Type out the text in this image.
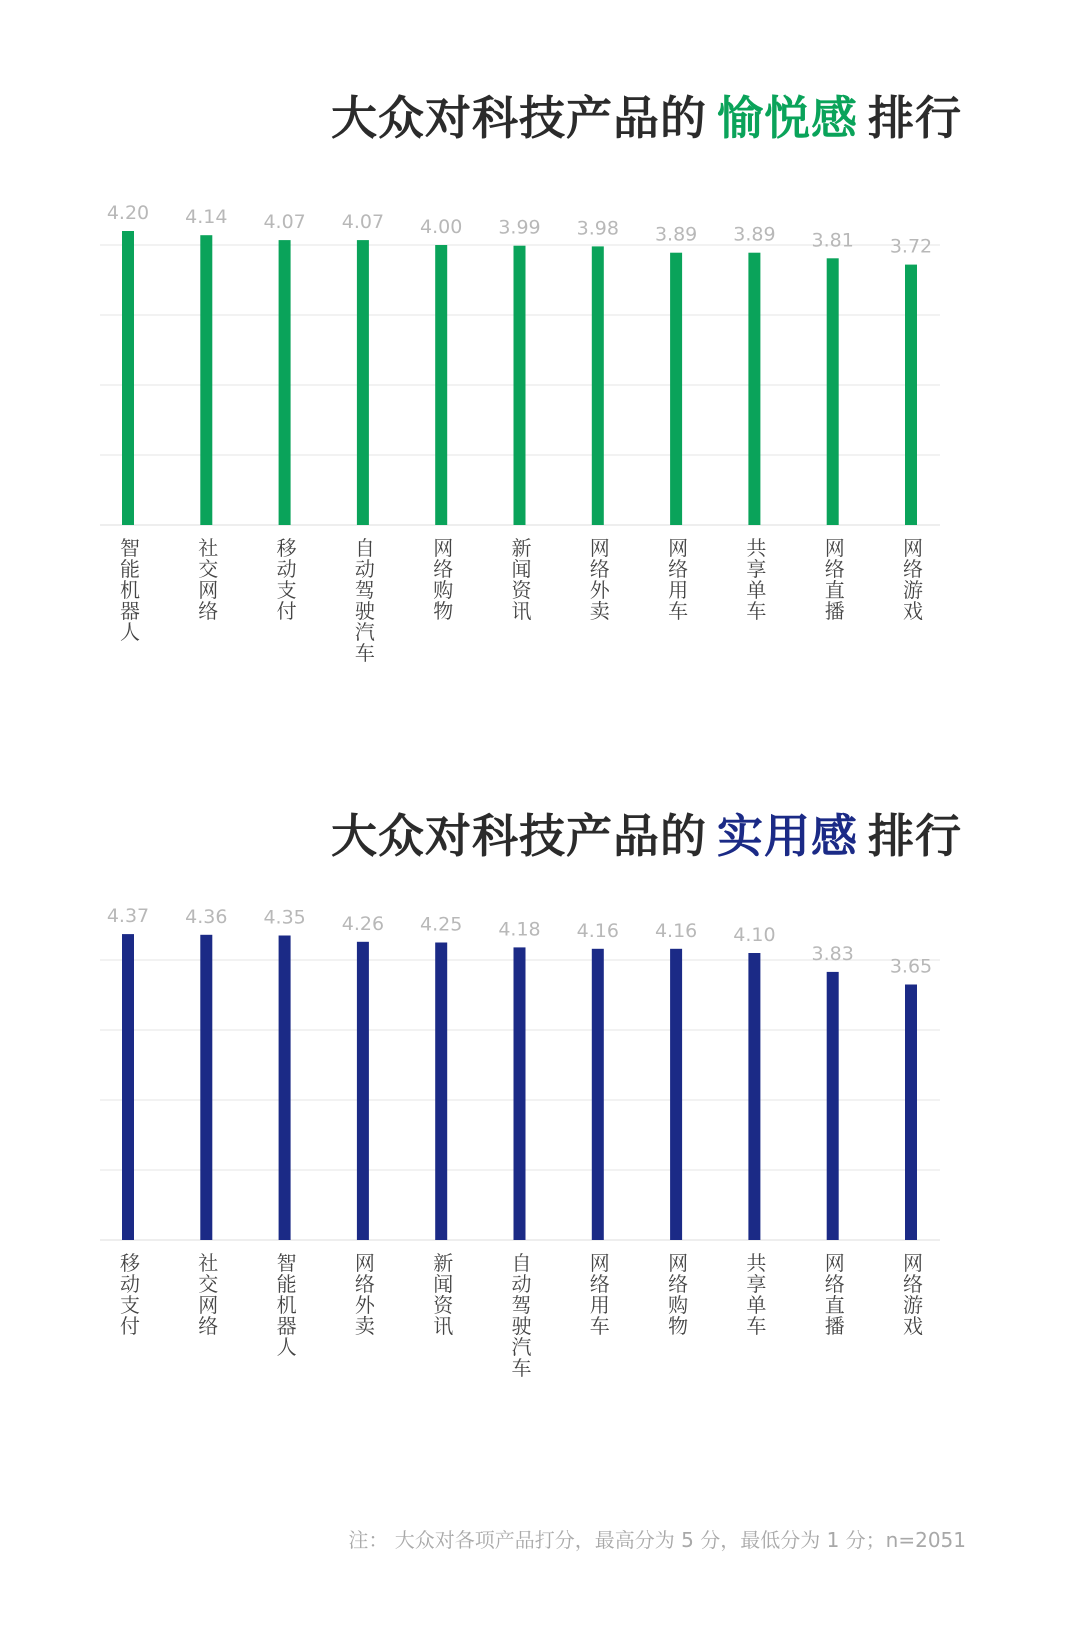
大众对科技产品的 愉悦感 排行
4.20
智能机器人
4.14
社交网络
4.07
移动支付
4.07
自动驾驶汽车
4.00
网络购物
3.99
新闻资讯
3.98
网络外卖
3.89
网络用车
3.89
共享单车
3.81
网络直播
3.72
网络游戏
大众对科技产品的 实用感 排行
4.37
移动支付
4.36
社交网络
4.35
智能机器人
4.26
网络外卖
4.25
新闻资讯
4.18
自动驾驶汽车
4.16
网络用车
4.16
网络购物
4.10
共享单车
3.83
网络直播
3.65
网络游戏
注： 大众对各项产品打分，最高分为 5 分，最低分为 1 分；n=2051
